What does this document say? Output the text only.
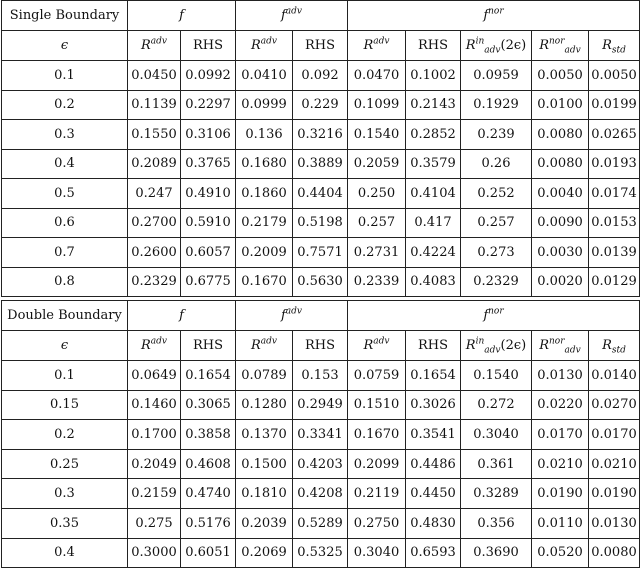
Single Boundary	f		$f^{adv}$		$f^{nor}$
ϵ	$R^{adv}$	RHS	$R^{adv}$	RHS	$R^{adv}$	RHS	$R^{in}_{adv}(2\epsilon)$	$R^{nor}_{adv}$	$R_{std}$
0.1	0.0450	0.0992	0.0410	0.092	0.0470	0.1002	0.0959	0.0050	0.0050
0.2	0.1139	0.2297	0.0999	0.229	0.1099	0.2143	0.1929	0.0100	0.0199
0.3	0.1550	0.3106	0.136	0.3216	0.1540	0.2852	0.239	0.0080	0.0265
0.4	0.2089	0.3765	0.1680	0.3889	0.2059	0.3579	0.26	0.0080	0.0193
0.5	0.247	0.4910	0.1860	0.4404	0.250	0.4104	0.252	0.0040	0.0174
0.6	0.2700	0.5910	0.2179	0.5198	0.257	0.417	0.257	0.0090	0.0153
0.7	0.2600	0.6057	0.2009	0.7571	0.2731	0.4224	0.273	0.0030	0.0139
0.8	0.2329	0.6775	0.1670	0.5630	0.2339	0.4083	0.2329	0.0020	0.0129
Double Boundary	f		$f^{adv}$		$f^{nor}$
ϵ	$R^{adv}$	RHS	$R^{adv}$	RHS	$R^{adv}$	RHS	$R^{in}_{adv}(2\epsilon)$	$R^{nor}_{adv}$	$R_{std}$
0.1	0.0649	0.1654	0.0789	0.153	0.0759	0.1654	0.1540	0.0130	0.0140
0.15	0.1460	0.3065	0.1280	0.2949	0.1510	0.3026	0.272	0.0220	0.0270
0.2	0.1700	0.3858	0.1370	0.3341	0.1670	0.3541	0.3040	0.0170	0.0170
0.25	0.2049	0.4608	0.1500	0.4203	0.2099	0.4486	0.361	0.0210	0.0210
0.3	0.2159	0.4740	0.1810	0.4208	0.2119	0.4450	0.3289	0.0190	0.0190
0.35	0.275	0.5176	0.2039	0.5289	0.2750	0.4830	0.356	0.0110	0.0130
0.4	0.3000	0.6051	0.2069	0.5325	0.3040	0.6593	0.3690	0.0520	0.0080
